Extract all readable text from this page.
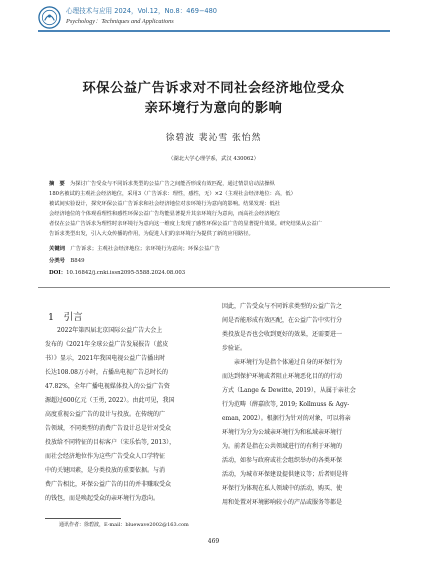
心理技术与应用 2024，Vol.12，No.8：469−480
Psychology：Techniques and Applications
环保公益广告诉求对不同社会经济地位受众
亲环境行为意向的影响
徐碧波 裴沁雪 张怡然
（湖北大学心理学系，武汉 430062）
摘　要　 为探讨广告受众与不同诉求类型的公益广告之间能否形成有效匹配，通过情景启动法操纵
180名被试的主观社会经济地位，采用3（广告诉求：理性，感性，无）×2（主观社会经济地位：高，低）
被试间实验设计，探究环保公益广告诉求和社会经济地位对亲环境行为意向的影响。结果发现：低社
会经济地位的个体观看理性和感性环保公益广告均能显著提升其亲环境行为意向，而高社会经济地位
者仅在公益广告诉求为理性时亲环境行为意向这一维度上发现了感性环保公益广告的显著提升效果。研究结果从公益广
告诉求类型出发，引入大众传播的作用，为促进人们的亲环境行为提供了新的应用路径。
关键词　 广告诉求；主观社会经济地位；亲环境行为意向；环保公益广告
分类号　 B849
DOI：10.16842/j.cnki.issn2095-5588.2024.08.003
1　 引言
　　2022年第四届北京国际公益广告大会上
发布的《2021年全球公益广告发展报告（蓝皮
书）》显示，2021年我国电视公益广告播出时
长达108.08万小时，占播出电视广告总时长的
47.82%，全年广播电视媒体投入的公益广告资
源超过600亿元（王勇, 2022）。由此可见，我国
高度重视公益广告的设计与投放。在传统的广
告领域，不同类型的消费广告设计总是针对受众
投放给不同特征的目标客户（宋乐怡等, 2013），
而社会经济地位作为这些广告受众人口学特征
中的关键因素，是分类投放的重要依据。与消
费广告相比，环保公益广告的目的并非赚取受众
的钱包，而是唤起受众的亲环境行为意向。
因此，广告受众与不同诉求类型的公益广告之
间是否能形成有效匹配，在公益广告中实行分
类投放是否也会收到更好的效果，还需要进一
步验证。
　　亲环境行为是指个体通过自身的环保行为
而达到保护环境或者阻止环境恶化目的的行动
方式（Lange & Dewitte, 2019），从属于亲社会
行为范畴（薛嘉欣等, 2019; Kollmuss & Agy-
eman, 2002）。根据行为针对的对象，可以将亲
环境行为分为公域亲环境行为和私域亲环境行
为。前者是指在公共领域进行的有利于环境的
活动，如参与政府或社会组织举办的各类环保
活动，为城市环保建设提供建议等；后者则是将
环保行为体现在私人领域中的活动，购买、使
用和处置对环境影响较小的产品或服务等都是
通讯作者：徐碧波，E-mail：bluewave2002@163.com
469
